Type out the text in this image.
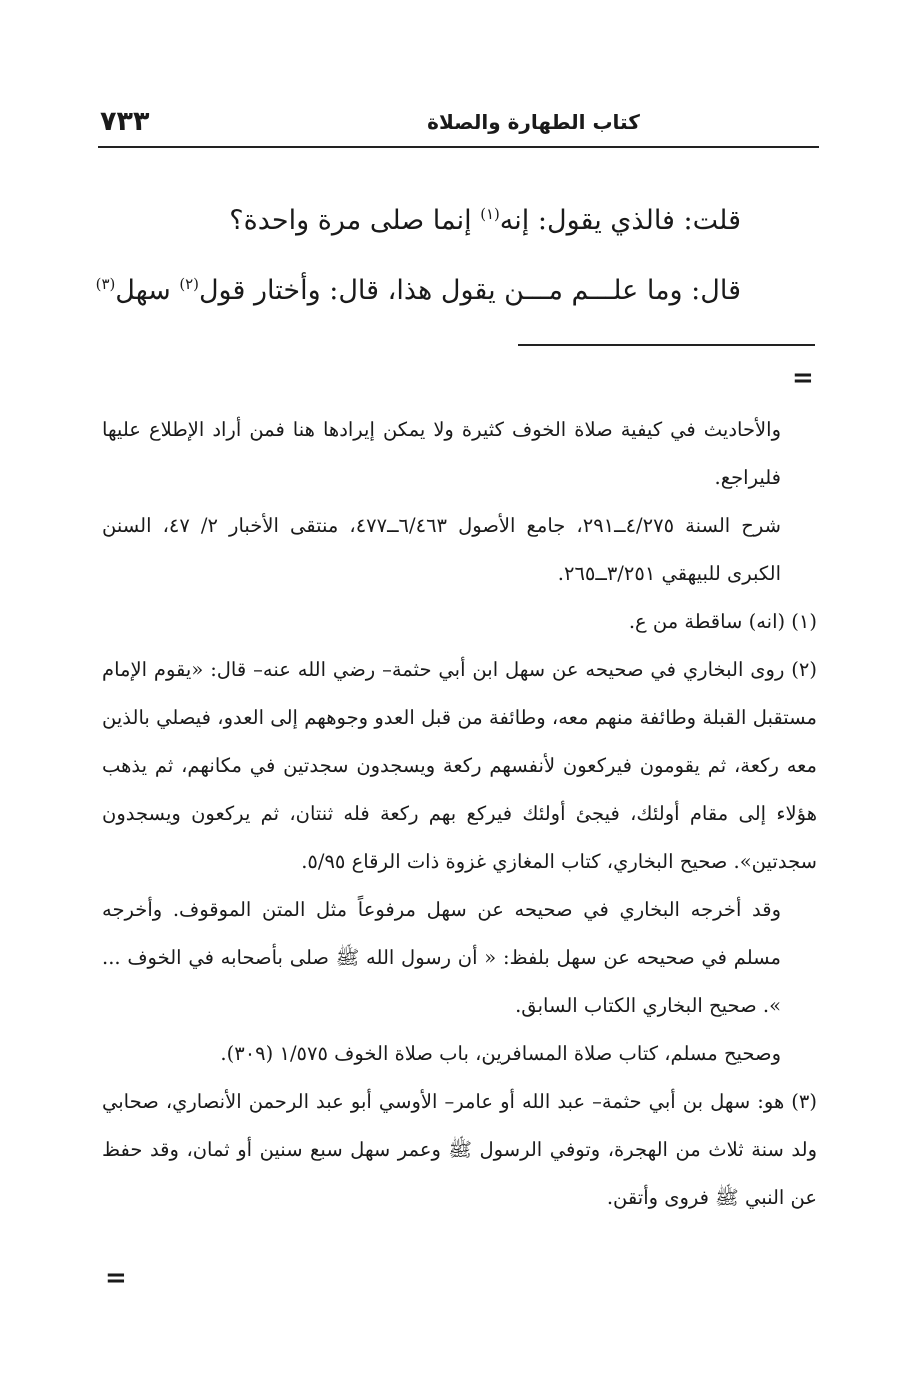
٧٣٣	كتاب الطهارة والصلاة
قلت: فالذي يقول: إنه$^{(١)}$ إنما صلى مرة واحدة؟
قال: وما علـــم مـــن يقول هذا، قال: وأختار قول$^{(٢)}$ سهل$^{(٣)}$
=

والأحاديث في كيفية صلاة الخوف كثيرة ولا يمكن إيرادها هنا فمن أراد الإطلاع عليها فليراجع.

شرح السنة ٤/٢٧٥ــ٢٩١، جامع الأصول ٦/٤٦٣ــ٤٧٧، منتقى الأخبار ٢/ ٤٧، السنن الكبرى للبيهقي ٣/٢٥١ــ٢٦٥.

(١) (انه) ساقطة من ع.

(٢) روى البخاري في صحيحه عن سهل ابن أبي حثمة– رضي الله عنه– قال: «يقوم الإمام مستقبل القبلة وطائفة منهم معه، وطائفة من قبل العدو وجوههم إلى العدو، فيصلي بالذين معه ركعة، ثم يقومون فيركعون لأنفسهم ركعة ويسجدون سجدتين في مكانهم، ثم يذهب هؤلاء إلى مقام أولئك، فيجئ أولئك فيركع بهم ركعة فله ثنتان، ثم يركعون ويسجدون سجدتين». صحيح البخاري، كتاب المغازي غزوة ذات الرقاع ٥/٩٥.

وقد أخرجه البخاري في صحيحه عن سهل مرفوعاً مثل المتن الموقوف. وأخرجه مسلم في صحيحه عن سهل بلفظ: « أن رسول الله ﷺ صلى بأصحابه في الخوف ... ». صحيح البخاري الكتاب السابق.

وصحيح مسلم، كتاب صلاة المسافرين، باب صلاة الخوف ١/٥٧٥ (٣٠٩).

(٣) هو: سهل بن أبي حثمة– عبد الله أو عامر– الأوسي أبو عبد الرحمن الأنصاري، صحابي ولد سنة ثلاث من الهجرة، وتوفي الرسول ﷺ وعمر سهل سبع سنين أو ثمان، وقد حفظ عن النبي ﷺ فروى وأتقن.

=
